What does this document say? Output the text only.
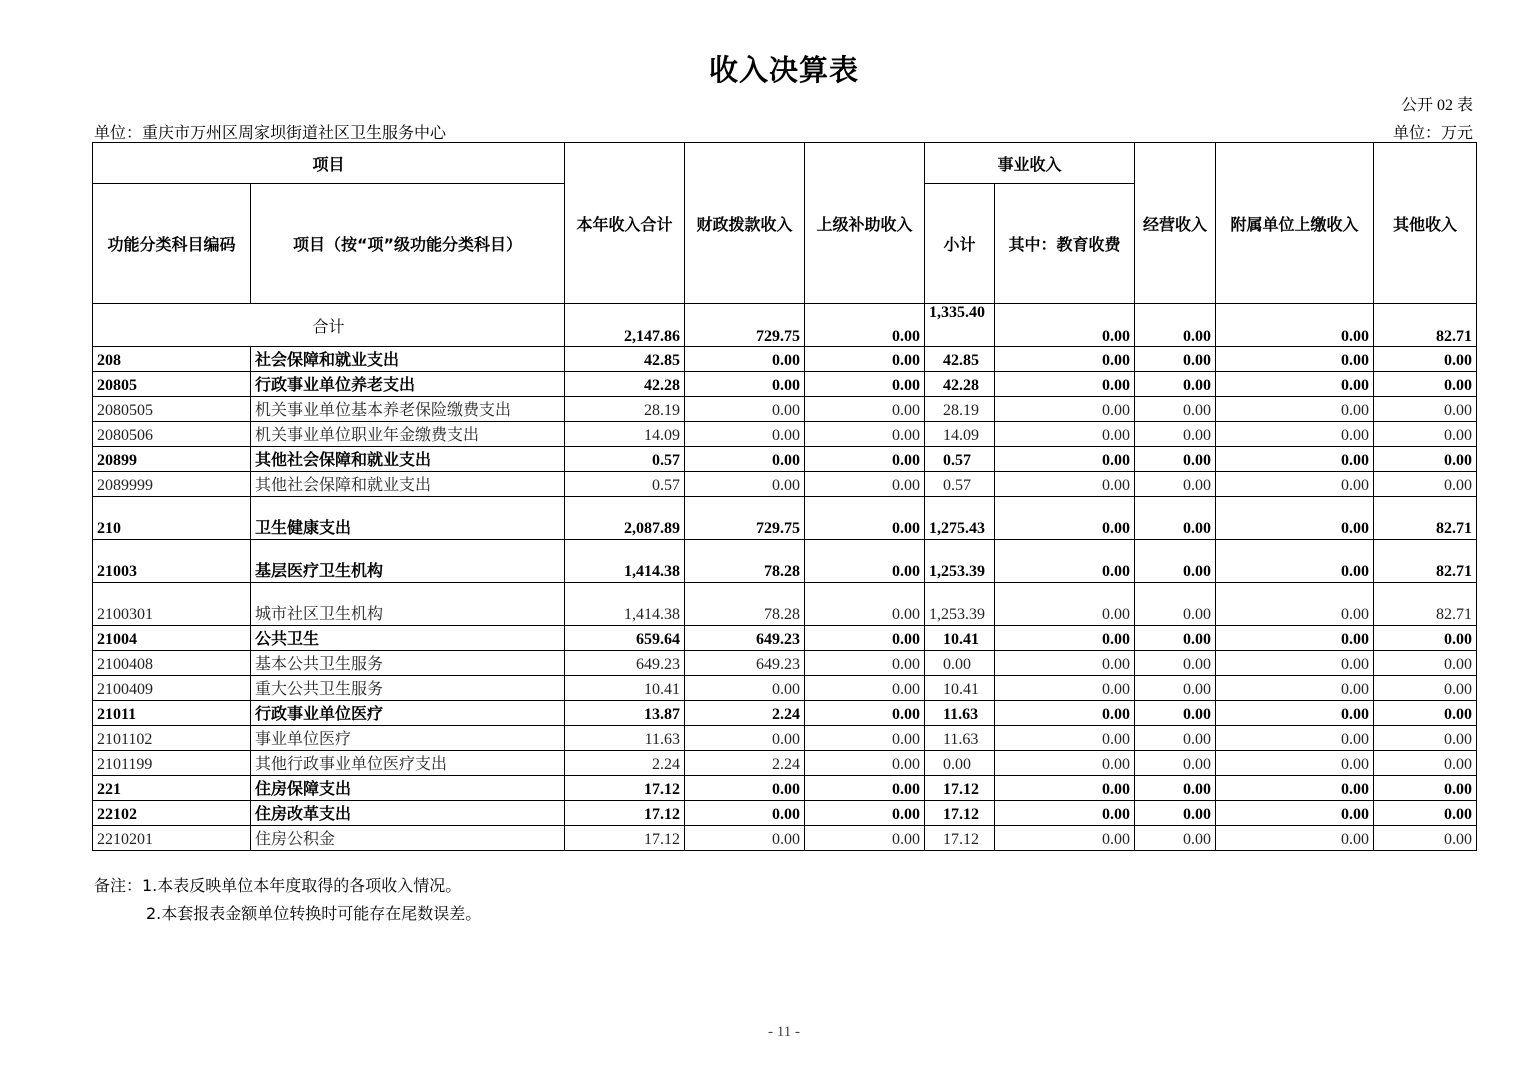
收入决算表
公开 02 表
单位：重庆市万州区周家坝街道社区卫生服务中心	单位：万元
项目		本年收入合计	财政拨款收入	上级补助收入	事业收入		经营收入	附属单位上缴收入	其他收入
功能分类科目编码	项目（按“项”级功能分类科目）				小计	其中：教育收费			
合计		2,147.86	729.75	0.00	1,335.40	0.00	0.00	0.00	82.71
208	社会保障和就业支出	42.85	0.00	0.00	42.85	0.00	0.00	0.00	0.00
20805	行政事业单位养老支出	42.28	0.00	0.00	42.28	0.00	0.00	0.00	0.00
2080505	机关事业单位基本养老保险缴费支出	28.19	0.00	0.00	28.19	0.00	0.00	0.00	0.00
2080506	机关事业单位职业年金缴费支出	14.09	0.00	0.00	14.09	0.00	0.00	0.00	0.00
20899	其他社会保障和就业支出	0.57	0.00	0.00	0.57	0.00	0.00	0.00	0.00
2089999	其他社会保障和就业支出	0.57	0.00	0.00	0.57	0.00	0.00	0.00	0.00
210	卫生健康支出	2,087.89	729.75	0.00	1,275.43	0.00	0.00	0.00	82.71
21003	基层医疗卫生机构	1,414.38	78.28	0.00	1,253.39	0.00	0.00	0.00	82.71
2100301	城市社区卫生机构	1,414.38	78.28	0.00	1,253.39	0.00	0.00	0.00	82.71
21004	公共卫生	659.64	649.23	0.00	10.41	0.00	0.00	0.00	0.00
2100408	基本公共卫生服务	649.23	649.23	0.00	0.00	0.00	0.00	0.00	0.00
2100409	重大公共卫生服务	10.41	0.00	0.00	10.41	0.00	0.00	0.00	0.00
21011	行政事业单位医疗	13.87	2.24	0.00	11.63	0.00	0.00	0.00	0.00
2101102	事业单位医疗	11.63	0.00	0.00	11.63	0.00	0.00	0.00	0.00
2101199	其他行政事业单位医疗支出	2.24	2.24	0.00	0.00	0.00	0.00	0.00	0.00
221	住房保障支出	17.12	0.00	0.00	17.12	0.00	0.00	0.00	0.00
22102	住房改革支出	17.12	0.00	0.00	17.12	0.00	0.00	0.00	0.00
2210201	住房公积金	17.12	0.00	0.00	17.12	0.00	0.00	0.00	0.00
备注：1.本表反映单位本年度取得的各项收入情况。
2.本套报表金额单位转换时可能存在尾数误差。
- 11 -
